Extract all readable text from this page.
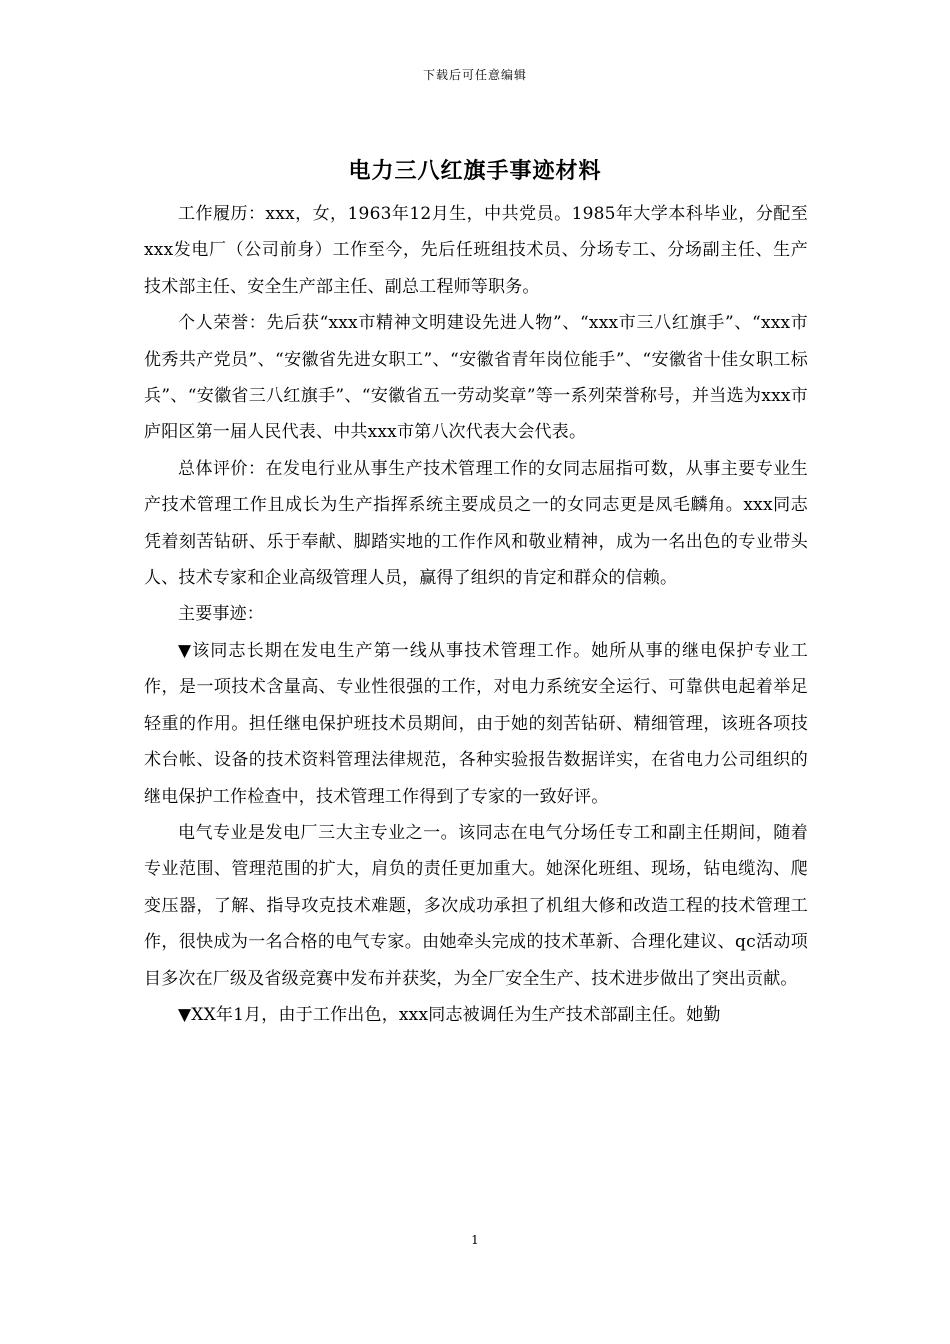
下载后可任意编辑
电力三八红旗手事迹材料

工作履历：xxx，女，1963年12月生，中共党员。1985年大学本科毕业，分配至xxx发电厂（公司前身）工作至今，先后任班组技术员、分场专工、分场副主任、生产技术部主任、安全生产部主任、副总工程师等职务。

个人荣誉：先后获“xxx市精神文明建设先进人物”、“xxx市三八红旗手”、“xxx市优秀共产党员”、“安徽省先进女职工”、“安徽省青年岗位能手”、“安徽省十佳女职工标兵”、“安徽省三八红旗手”、“安徽省五一劳动奖章”等一系列荣誉称号，并当选为xxx市庐阳区第一届人民代表、中共xxx市第八次代表大会代表。

总体评价：在发电行业从事生产技术管理工作的女同志屈指可数，从事主要专业生产技术管理工作且成长为生产指挥系统主要成员之一的女同志更是凤毛麟角。xxx同志凭着刻苦钻研、乐于奉献、脚踏实地的工作作风和敬业精神，成为一名出色的专业带头人、技术专家和企业高级管理人员，赢得了组织的肯定和群众的信赖。

主要事迹：

▼该同志长期在发电生产第一线从事技术管理工作。她所从事的继电保护专业工作，是一项技术含量高、专业性很强的工作，对电力系统安全运行、可靠供电起着举足轻重的作用。担任继电保护班技术员期间，由于她的刻苦钻研、精细管理，该班各项技术台帐、设备的技术资料管理法律规范，各种实验报告数据详实，在省电力公司组织的继电保护工作检查中，技术管理工作得到了专家的一致好评。

电气专业是发电厂三大主专业之一。该同志在电气分场任专工和副主任期间，随着专业范围、管理范围的扩大，肩负的责任更加重大。她深化班组、现场，钻电缆沟、爬变压器，了解、指导攻克技术难题，多次成功承担了机组大修和改造工程的技术管理工作，很快成为一名合格的电气专家。由她牵头完成的技术革新、合理化建议、qc活动项目多次在厂级及省级竞赛中发布并获奖，为全厂安全生产、技术进步做出了突出贡献。

▼XX年1月，由于工作出色，xxx同志被调任为生产技术部副主任。她勤

1
